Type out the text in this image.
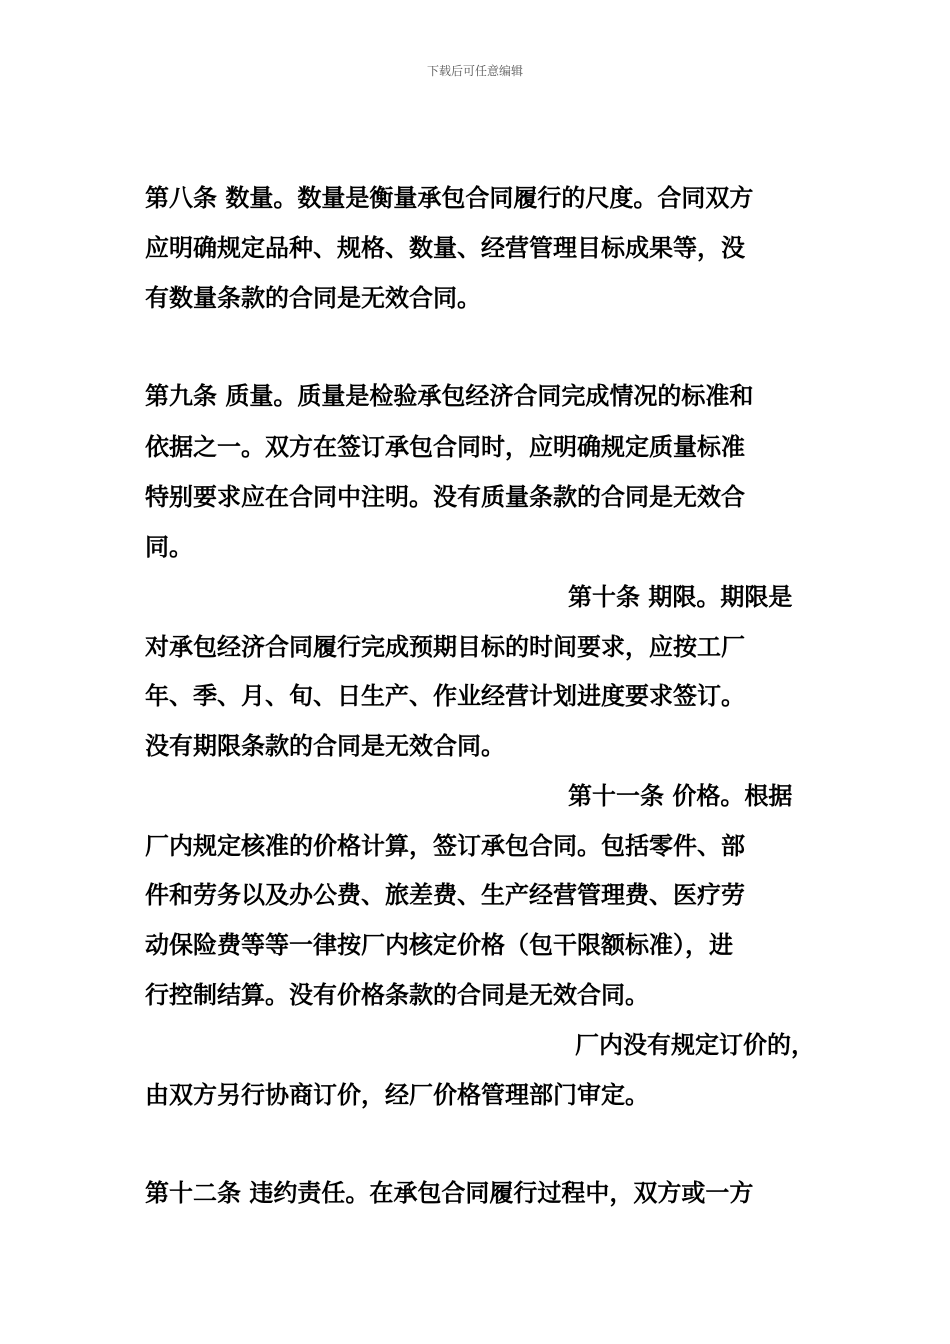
下载后可任意编辑
第八条 数量。数量是衡量承包合同履行的尺度。合同双方
应明确规定品种、规格、数量、经营管理目标成果等，没
有数量条款的合同是无效合同。
第九条 质量。质量是检验承包经济合同完成情况的标准和
依据之一。双方在签订承包合同时，应明确规定质量标准
特别要求应在合同中注明。没有质量条款的合同是无效合
同。
第十条 期限。期限是
对承包经济合同履行完成预期目标的时间要求，应按工厂
年、季、月、旬、日生产、作业经营计划进度要求签订。
没有期限条款的合同是无效合同。
第十一条 价格。根据
厂内规定核准的价格计算，签订承包合同。包括零件、部
件和劳务以及办公费、旅差费、生产经营管理费、医疗劳
动保险费等等一律按厂内核定价格（包干限额标准），进
行控制结算。没有价格条款的合同是无效合同。
厂内没有规定订价的，
由双方另行协商订价，经厂价格管理部门审定。
第十二条 违约责任。在承包合同履行过程中，双方或一方
